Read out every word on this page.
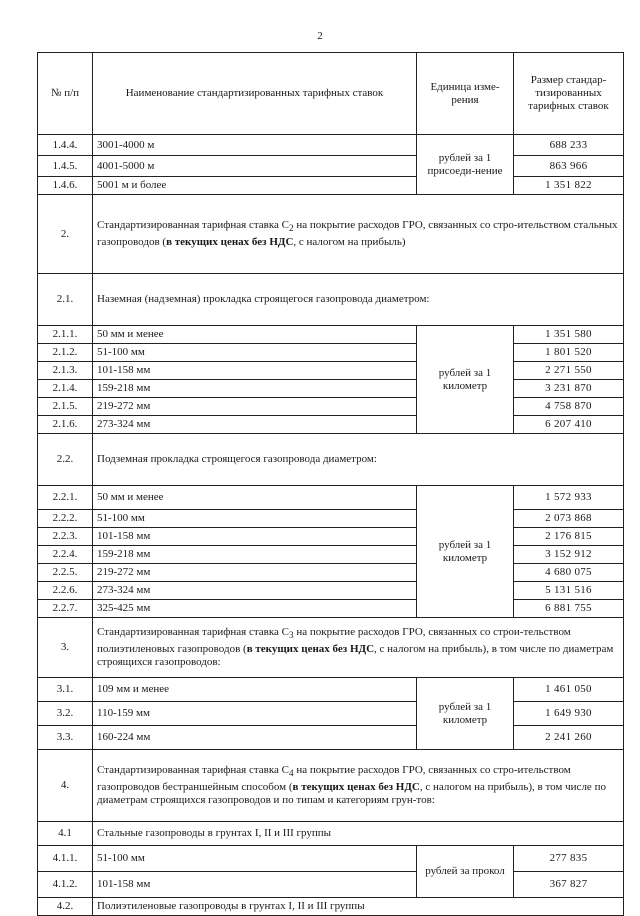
2
№ п/п	Наименование стандартизированных тарифных ставок	Единица изме-рения	Размер стандар-тизированных тарифных ставок
1.4.4.	3001-4000 м	рублей за 1 присоеди-нение	688 233
1.4.5.	4001-5000 м		863 966
1.4.6.	5001 м и более		1 351 822
2.	Стандартизированная тарифная ставка $С_2$ на покрытие расходов ГРО, связанных со стро-ительством стальных газопроводов (в текущих ценах без НДС, с налогом на прибыль)		
2.1.	Наземная (надземная) прокладка строящегося газопровода диаметром:		
2.1.1.	50 мм и менее	рублей за 1 километр	1 351 580
2.1.2.	51-100 мм		1 801 520
2.1.3.	101-158 мм		2 271 550
2.1.4.	159-218 мм		3 231 870
2.1.5.	219-272 мм		4 758 870
2.1.6.	273-324 мм		6 207 410
2.2.	Подземная прокладка строящегося газопровода диаметром:		
2.2.1.	50 мм и менее	рублей за 1 километр	1 572 933
2.2.2.	51-100 мм		2 073 868
2.2.3.	101-158 мм		2 176 815
2.2.4.	159-218 мм		3 152 912
2.2.5.	219-272 мм		4 680 075
2.2.6.	273-324 мм		5 131 516
2.2.7.	325-425 мм		6 881 755
3.	Стандартизированная тарифная ставка $С_3$ на покрытие расходов ГРО, связанных со строи-тельством полиэтиленовых газопроводов (в текущих ценах без НДС, с налогом на прибыль), в том числе по диаметрам строящихся газопроводов:		
3.1.	109 мм и менее	рублей за 1 километр	1 461 050
3.2.	110-159 мм		1 649 930
3.3.	160-224 мм		2 241 260
4.	Стандартизированная тарифная ставка $С_4$ на покрытие расходов ГРО, связанных со стро-ительством газопроводов бестраншейным способом (в текущих ценах без НДС, с налогом на прибыль), в том числе по диаметрам строящихся газопроводов и по типам и категориям грун-тов:		
4.1	Стальные газопроводы в грунтах I, II и III группы		
4.1.1.	51-100 мм	рублей за прокол	277 835
4.1.2.	101-158 мм		367 827
4.2.	Полиэтиленовые газопроводы в грунтах I, II и III группы		
